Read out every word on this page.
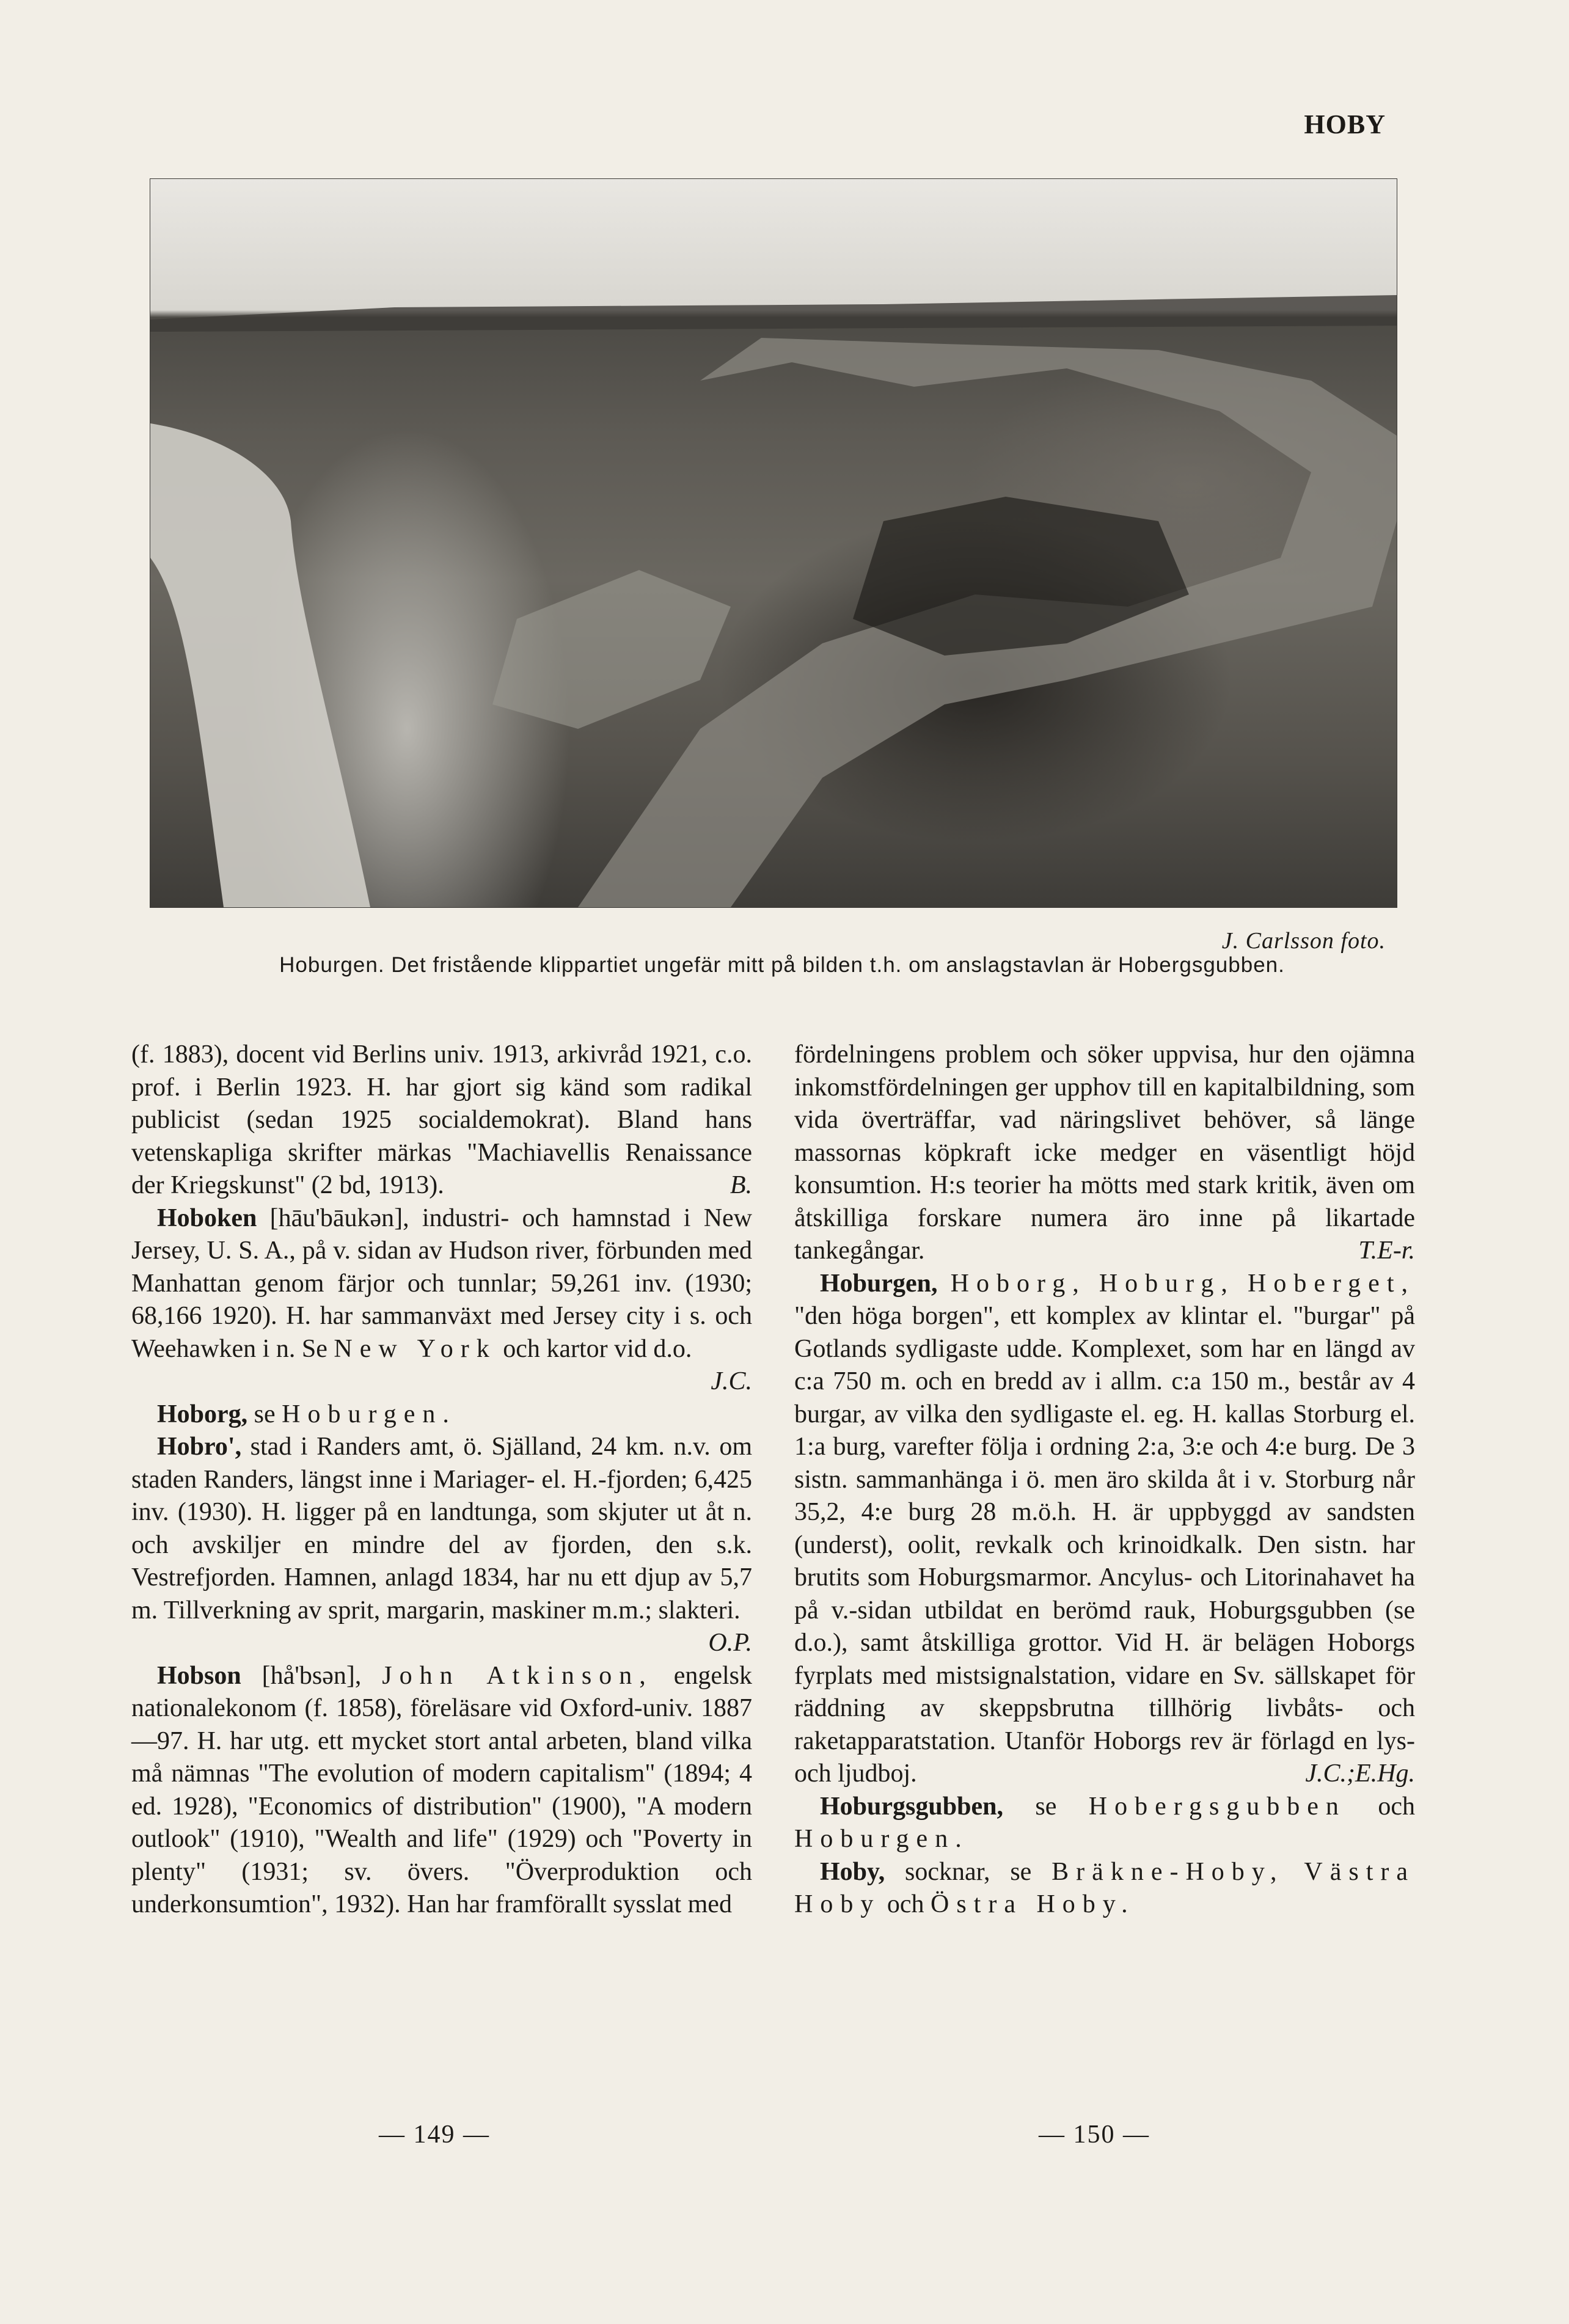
HOBY
J. Carlsson foto.
Hoburgen. Det fristående klippartiet ungefär mitt på bilden t.h. om anslagstavlan är Hobergsgubben.

(f. 1883), docent vid Berlins univ. 1913, arkivråd 1921, c.o. prof. i Berlin 1923. H. har gjort sig känd som radikal publicist (sedan 1925 socialdemokrat). Bland hans vetenskapliga skrifter märkas "Machiavellis Renaissance der Kriegskunst" (2 bd, 1913).	B.

Hoboken [hāu'bāukən], industri- och hamnstad i New Jersey, U. S. A., på v. sidan av Hudson river, förbunden med Manhattan genom färjor och tunnlar; 59,261 inv. (1930; 68,166 1920). H. har sammanväxt med Jersey city i s. och Weehawken i n. Se New York och kartor vid d.o.
J.C.

Hoborg, se Hoburgen.

Hobro', stad i Randers amt, ö. Själland, 24 km. n.v. om staden Randers, längst inne i Mariager- el. H.-fjorden; 6,425 inv. (1930). H. ligger på en landtunga, som skjuter ut åt n. och avskiljer en mindre del av fjorden, den s.k. Vestrefjorden. Hamnen, anlagd 1834, har nu ett djup av 5,7 m. Tillverkning av sprit, margarin, maskiner m.m.; slakteri.
O.P.

Hobson [hå'bsən], John Atkinson, engelsk nationalekonom (f. 1858), föreläsare vid Oxford-univ. 1887—97. H. har utg. ett mycket stort antal arbeten, bland vilka må nämnas "The evolution of modern capitalism" (1894; 4 ed. 1928), "Economics of distribution" (1900), "A modern outlook" (1910), "Wealth and life" (1929) och "Poverty in plenty" (1931; sv. övers. "Överproduktion och underkonsumtion", 1932). Han har framförallt sysslat med

fördelningens problem och söker uppvisa, hur den ojämna inkomstfördelningen ger upphov till en kapitalbildning, som vida överträffar, vad näringslivet behöver, så länge massornas köpkraft icke medger en väsentligt höjd konsumtion. H:s teorier ha mötts med stark kritik, även om åtskilliga forskare numera äro inne på likartade tankegångar.	T.E-r.

Hoburgen, Hoborg, Hoburg, Hoberget, "den höga borgen", ett komplex av klintar el. "burgar" på Gotlands sydligaste udde. Komplexet, som har en längd av c:a 750 m. och en bredd av i allm. c:a 150 m., består av 4 burgar, av vilka den sydligaste el. eg. H. kallas Storburg el. 1:a burg, varefter följa i ordning 2:a, 3:e och 4:e burg. De 3 sistn. sammanhänga i ö. men äro skilda åt i v. Storburg når 35,2, 4:e burg 28 m.ö.h. H. är uppbyggd av sandsten (underst), oolit, revkalk och krinoidkalk. Den sistn. har brutits som Hoburgsmarmor. Ancylus- och Litorinahavet ha på v.-sidan utbildat en berömd rauk, Hoburgsgubben (se d.o.), samt åtskilliga grottor. Vid H. är belägen Hoborgs fyrplats med mistsignalstation, vidare en Sv. sällskapet för räddning av skeppsbrutna tillhörig livbåts- och raketapparatstation. Utanför Hoborgs rev är förlagd en lys- och ljudboj.	J.C.;E.Hg.

Hoburgsgubben, se Hobergsgubben och Hoburgen.

Hoby, socknar, se Bräkne-Hoby, Västra Hoby och Östra Hoby.

— 149 —	— 150 —
